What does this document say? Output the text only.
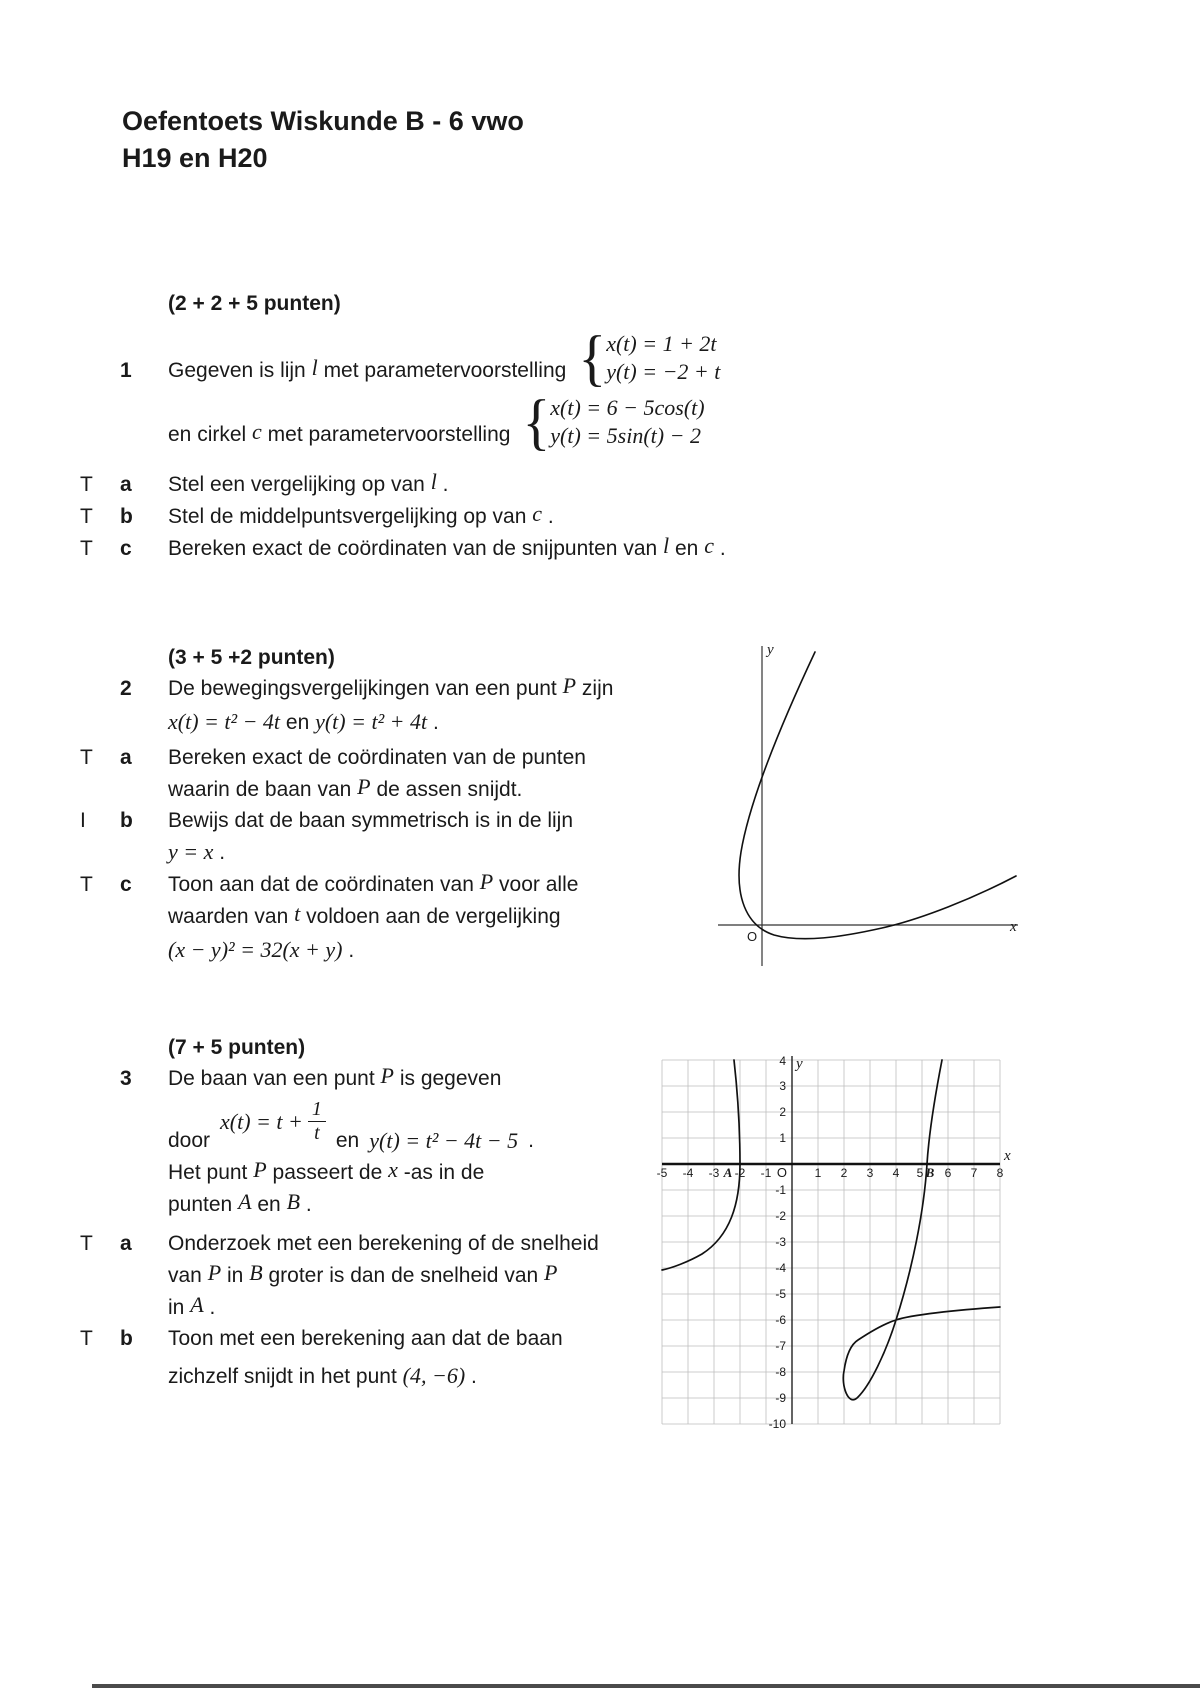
Oefentoets Wiskunde B - 6 vwo
H19 en H20
(2 + 2 + 5 punten)
1	Gegeven is lijn l met parametervoorstelling { x(t) = 1 + 2t
y(t) = −2 + t
en cirkel c met parametervoorstelling { x(t) = 6 − 5cos(t)
y(t) = 5sin(t) − 2
T	a	Stel een vergelijking op van l .
T	b	Stel de middelpuntsvergelijking op van c .
T	c	Bereken exact de coördinaten van de snijpunten van l en c .
(3 + 5 +2 punten)
2	De bewegingsvergelijkingen van een punt P zijn
x(t) = t² − 4t en y(t) = t² + 4t .
T	a	Bereken exact de coördinaten van de punten
waarin de baan van P de assen snijdt.
I	b	Bewijs dat de baan symmetrisch is in de lijn
y = x .
T	c	Toon aan dat de coördinaten van P voor alle
waarden van t voldoen aan de vergelijking
(x − y)² = 32(x + y) .
(7 + 5 punten)
3	De baan van een punt P is gegeven
door
$x(t) = t + \frac{1}{t}$ en y(t) = t² − 4t − 5 .
Het punt P passeert de x -as in de
punten A en B .
T	a	Onderzoek met een berekening of de snelheid
van P in B groter is dan de snelheid van P
in A .
T	b	Toon met een berekening aan dat de baan
zichzelf snijdt in het punt (4, −6) .
y
x
O
-5 -4 -3 -2 -1	1 2 3 4 5 6 7 8
4
3
2
1
-1
-2
-3
-4
-5
-6
-7
-8
-9
-10
A	B
O
y
x
